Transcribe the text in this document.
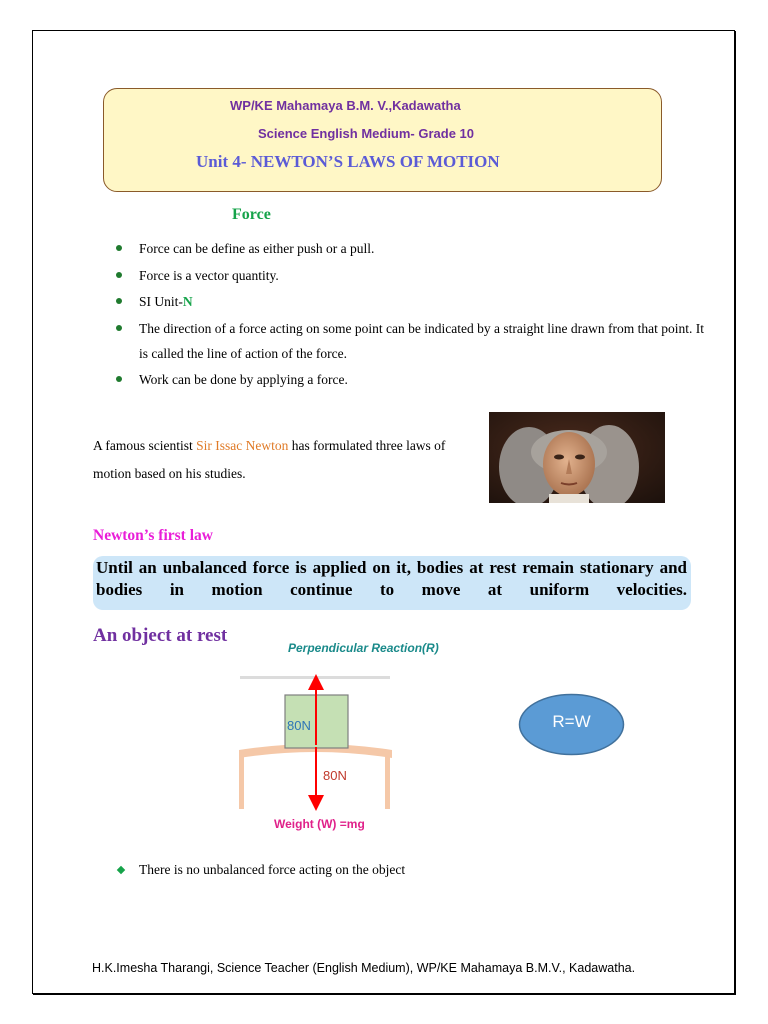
WP/KE Mahamaya B.M. V.,Kadawatha
Science English Medium- Grade 10
Unit 4- NEWTON’S LAWS OF MOTION
Force
Force can be define as either push or a pull.
Force is a vector quantity.
SI Unit-N
The direction of a force acting on some point can be indicated by a straight line drawn from that point. It is called the line of action of the force.
Work can be done by applying a force.
A famous scientist Sir Issac Newton has formulated three laws of motion based on his studies.
Newton’s first law
Until an unbalanced force is applied on it, bodies at rest remain stationary and bodies in motion continue to move at uniform velocities.
An object at rest
Perpendicular Reaction(R)
80N
80N
Weight (W) =mg
R=W
There is no unbalanced force acting on the object
H.K.Imesha Tharangi, Science Teacher (English Medium), WP/KE Mahamaya B.M.V., Kadawatha.
